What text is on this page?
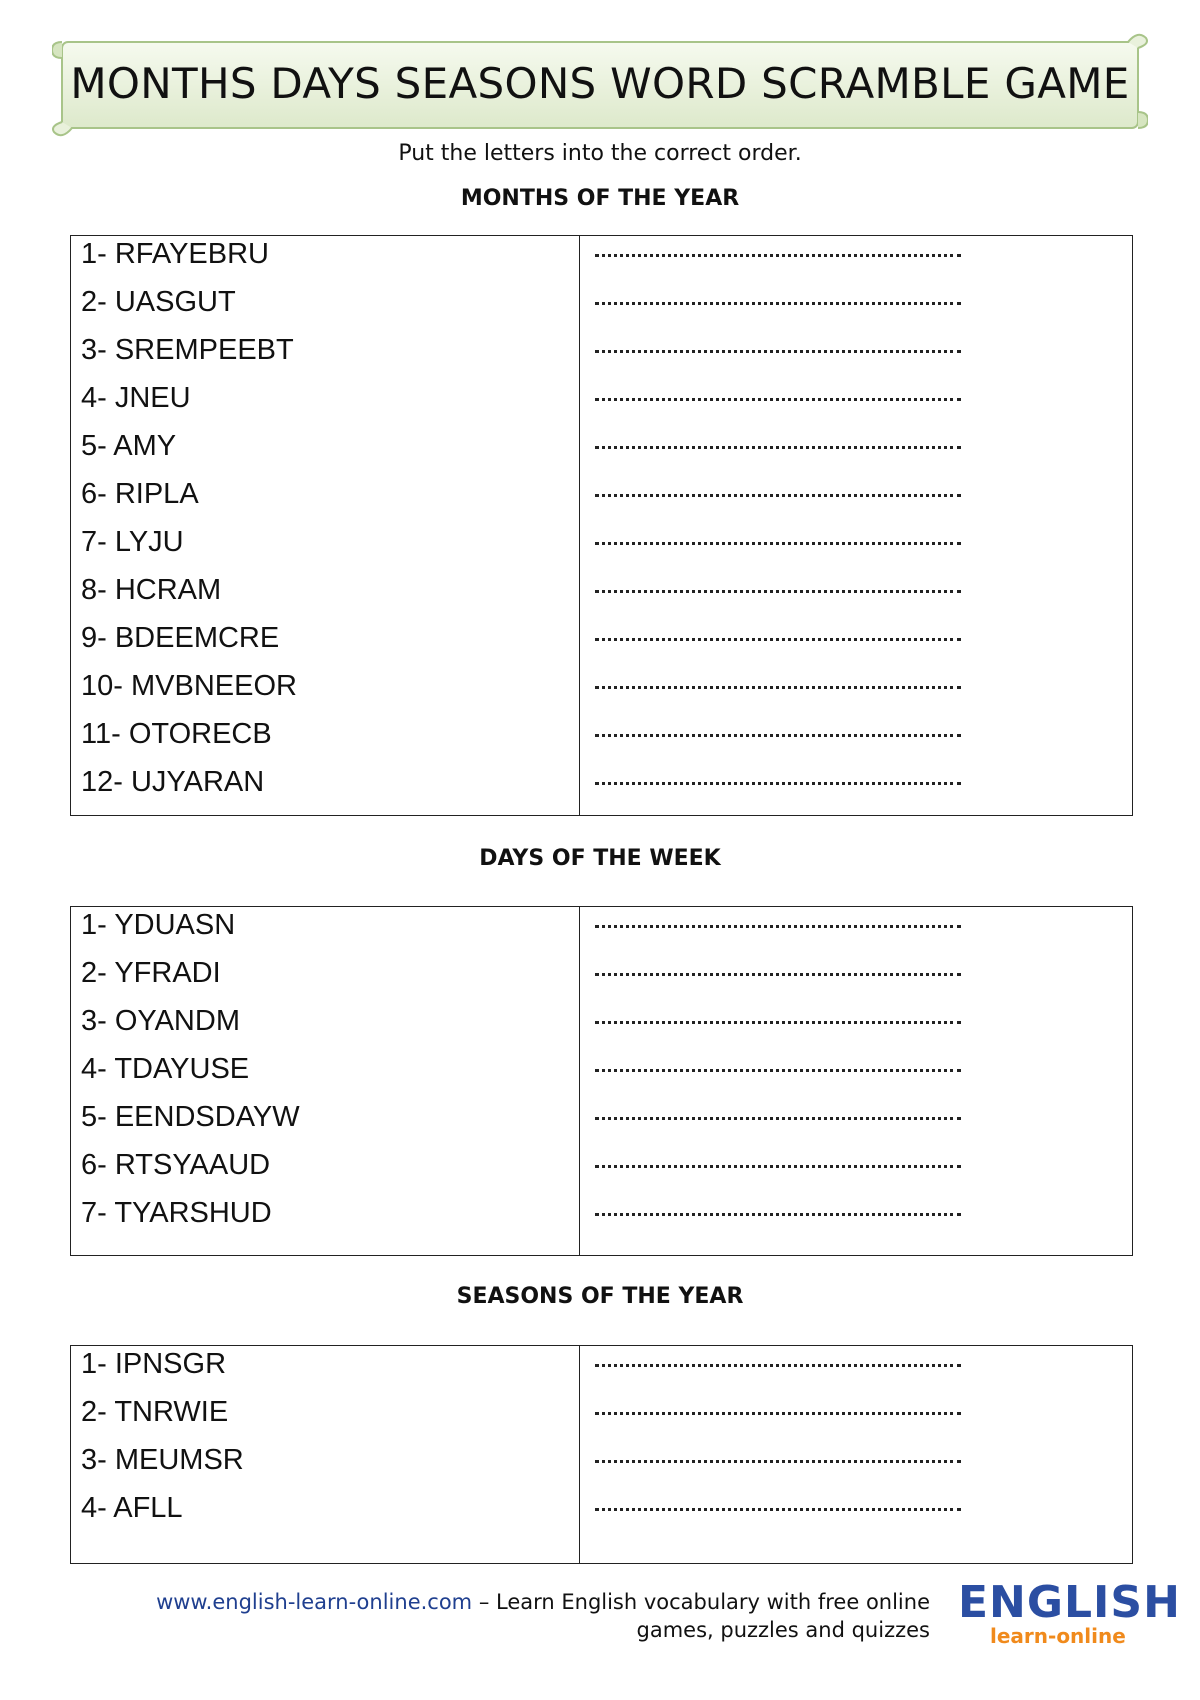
MONTHS DAYS SEASONS WORD SCRAMBLE GAME
Put the letters into the correct order.
MONTHS OF THE YEAR
1- RFAYEBRU
2- UASGUT
3- SREMPEEBT
4- JNEU
5- AMY
6- RIPLA
7- LYJU
8- HCRAM
9- BDEEMCRE
10- MVBNEEOR
11- OTORECB
12- UJYARAN
DAYS OF THE WEEK
1- YDUASN
2- YFRADI
3- OYANDM
4- TDAYUSE
5- EENDSDAYW
6- RTSYAAUD
7- TYARSHUD
SEASONS OF THE YEAR
1- IPNSGR
2- TNRWIE
3- MEUMSR
4- AFLL
www.english-learn-online.com – Learn English vocabulary with free online
games, puzzles and quizzes
ENGLISH
learn-online
